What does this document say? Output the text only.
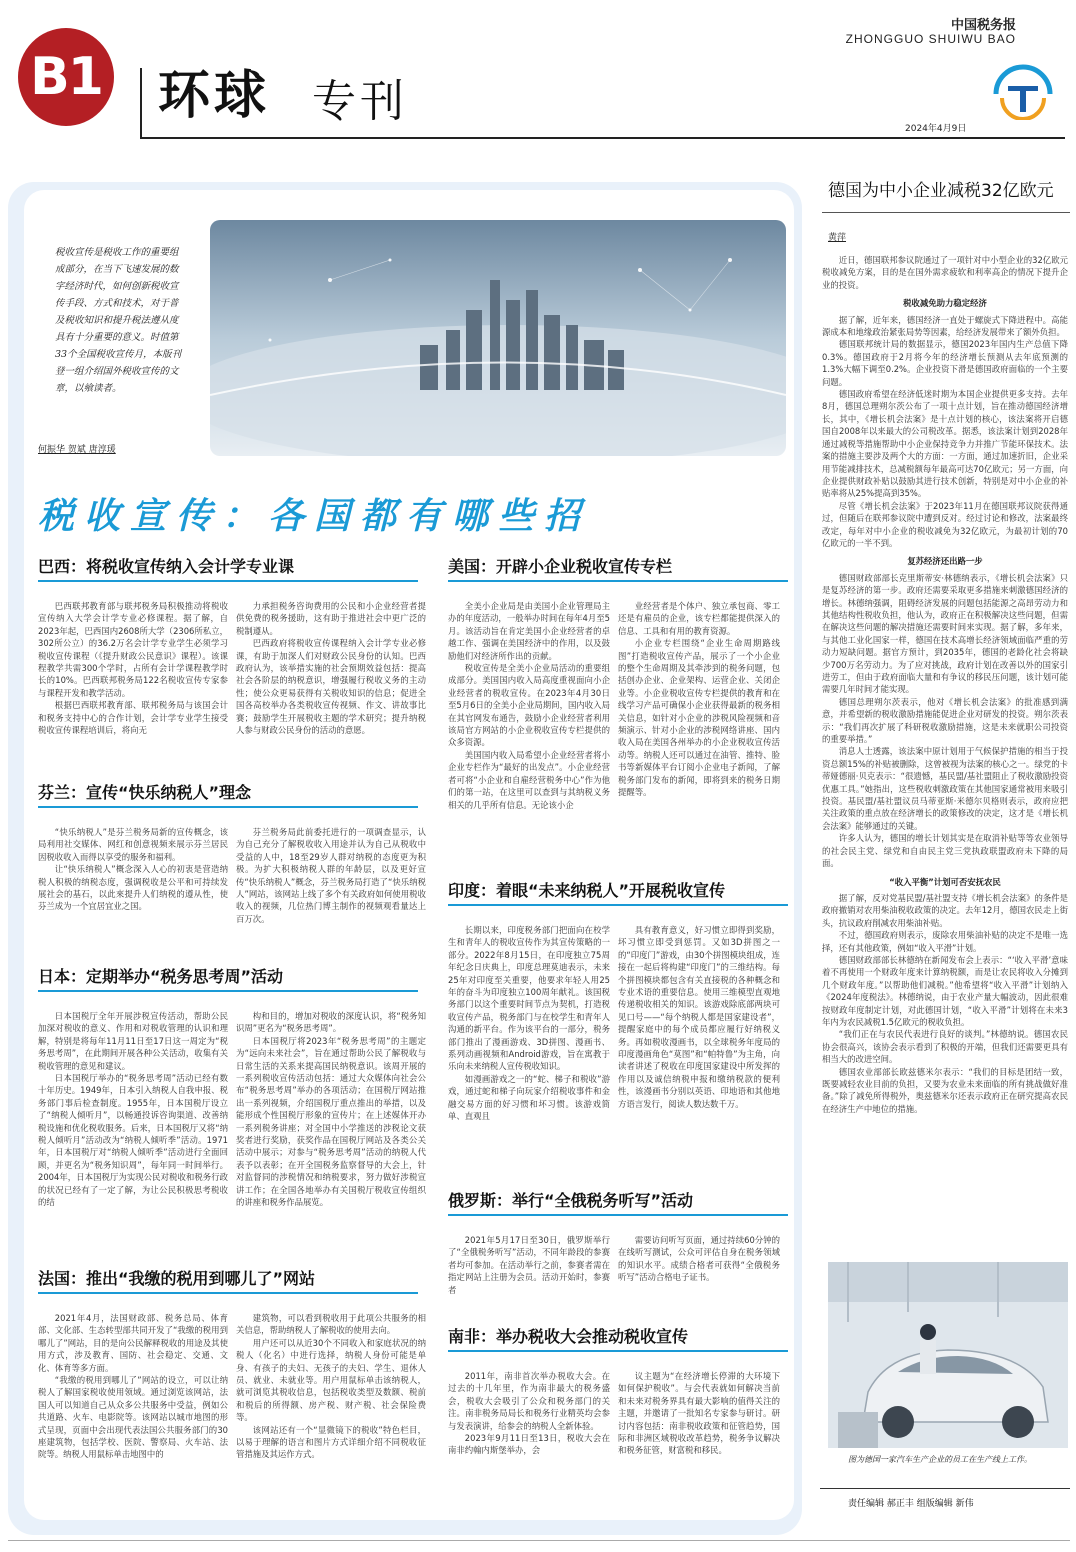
B1 环球 专刊
中国税务报
ZHONGGUO SHUIWU BAO
2024年4月9日
税收宣传是税收工作的重要组成部分，在当下飞速发展的数字经济时代，如何创新税收宣传手段、方式和技术，对于普及税收知识和提升税法遵从度具有十分重要的意义。时值第33个全国税收宣传月，本版刊登一组介绍国外税收宣传的文章，以飨读者。
何振华 贺斌 唐淳瑗
税收宣传：各国都有哪些招
巴西：将税收宣传纳入会计学专业课

巴西联邦教育部与联邦税务局积极推动将税收宣传纳入大学会计学专业必修课程。据了解，自2023年起，巴西国内2608所大学（2306所私立，302所公立）的36.2万名会计学专业学生必须学习税收宣传课程（《提升财政公民意识》课程）。该课程教学共需300个学时，占所有会计学课程教学时长的10%。巴西联邦税务局122名税收宣传专家参与课程开发和教学活动。

根据巴西联邦教育部、联邦税务局与该国会计和税务支持中心的合作计划，会计学专业学生接受税收宣传课程培训后，将向无

力承担税务咨询费用的公民和小企业经营者提供免费的税务援助，这有助于推进社会中更广泛的税制遵从。

巴西政府将税收宣传课程纳入会计学专业必修课，有助于加深人们对财政公民身份的认知。巴西政府认为，该举措实施的社会预期效益包括：提高社会各阶层的纳税意识，增强履行税收义务的主动性；使公众更易获得有关税收知识的信息；促进全国各高校举办各类税收宣传视频、作文、讲故事比赛；鼓励学生开展税收主题的学术研究；提升纳税人参与财政公民身份的活动的意愿。

芬兰：宣传“快乐纳税人”理念

“快乐纳税人”是芬兰税务局新的宣传概念，该局利用社交媒体、网红和创意视频来展示芬兰居民因税收收入而得以享受的服务和福利。

让“快乐纳税人”概念深入人心的初衷是营造纳税人积极的纳税态度，强调税收是公平和可持续发展社会的基石，以此來提升人们纳税的遵从性，使芬兰成为一个宜居宜业之国。

芬兰税务局此前委托进行的一项调查显示，认为自己充分了解税收收入用途并认为自己从税收中受益的人中，18至29岁人群对纳税的态度更为积极。为扩大积极纳税人群的年龄层，以及更好宣传“快乐纳税人”概念，芬兰税务局打造了“快乐纳税人”网站，该网站上线了多个有关政府如何使用税收收入的视频，几位热门博主制作的视频观看量达上百万次。

日本：定期举办“税务思考周”活动

日本国税厅全年开展涉税宣传活动，帮助公民加深对税收的意义、作用和对税收管理的认识和理解，特别是将每年11月11日至17日这一周定为“税务思考周”，在此期间开展各种公关活动，收集有关税收管理的意见和建议。

日本国税厅举办的“税务思考周”活动已经有数十年历史。1949年，日本引入纳税人自我申报、税务部门事后检查制度。1955年，日本国税厅设立了“纳税人倾听月”，以畅通投诉咨询渠道、改善纳税设施和优化税收服务。后来，日本国税厅又将“纳税人倾听月”活动改为“纳税人倾听季”活动。1971年，日本国税厅对“纳税人倾听季”活动进行全面回顾，并更名为“税务知识周”，每年同一时间举行。2004年，日本国税厅为实现公民对税收和税务行政的状况已经有了一定了解，为让公民积极思考税收的结

构和目的，增加对税收的深度认识，将“税务知识周”更名为“税务思考周”。

日本国税厅将2023年“税务思考周”的主题定为“远向未来社会”，旨在通过帮助公民了解税收与日常生活的关系来提高国民纳税意识。该周开展的一系列税收宣传活动包括：通过大众媒体向社会公布“税务思考周”举办的各项活动；在国税厅网站推出一系列视频，介绍国税厅重点推出的举措，以及能形成个性国税厅形象的宣传片；在上述媒体开办一系列税务讲座；对全国中小学推送的涉税论文获奖者进行奖励，获奖作品在国税厅网站及各类公关活动中展示；对参与“税务思考周”活动的纳税人代表予以表彰；在开全国税务监察督导的大会上，针对监督同的涉税情况和纳税要求，努力做好涉税宣讲工作；在全国各地举办有关国税厅税收宣传组织的讲座和税务作品展览。

法国：推出“我缴的税用到哪儿了”网站

2021年4月，法国财政部、税务总局、体育部、文化部、生态转型部共同开发了“我缴的税用到哪儿了”网站，目的是向公民解释税收的用途及其使用方式，涉及教育、国防、社会稳定、交通、文化、体育等多方面。

“我缴的税用到哪儿了”网站的设立，可以让纳税人了解国家税收使用领域。通过浏览该网站，法国人可以知道自己从众多公共服务中受益，例如公共道路、火车、电影院等。该网站以城市地图的形式呈现，页面中会出现代表法国公共服务部门的30座建筑物，包括学校、医院、警察局、火车站、法院等。纳税人用鼠标单击地图中的

建筑物，可以看到税收用于此项公共服务的相关信息，帮助纳税人了解税收的使用去向。

用户还可以从近30个不同收入和家庭状况的纳税人（化名）中进行选择，纳税人身份可能是单身、有孩子的夫妇、无孩子的夫妇、学生、退休人员、就业、未就业等。用户用鼠标单击该纳税人，就可浏览其税收信息，包括税收类型及数额、税前和税后的所得额、房产税、财产税、社会保险费等。

该网站还有一个“显微镜下的税收”特色栏目，以易于理解的语言和图片方式详细介绍不同税收征管措施及其运作方式。

美国：开辟小企业税收宣传专栏

全美小企业局是由美国小企业管理局主办的年度活动，一般举办时间在每年4月至5月。该活动旨在肯定美国小企业经营者的卓越工作、强调在美国经济中的作用，以及鼓励他们对经济所作出的贡献。

税收宣传是全美小企业局活动的重要组成部分。美国国内收入局高度重视面向小企业经营者的税收宣传。在2023年4月30日至5月6日的全美小企业局期间，国内收入局在其官网发布通告，鼓励小企业经营者利用该局官方网站的小企业税收宣传专栏提供的众多资源。

美国国内收入局希望小企业经营者将小企业专栏作为“最好的出发点”。小企业经营者可将“小企业和自雇经营税务中心”作为他们的第一站，在这里可以查到与其纳税义务相关的几乎所有信息。无论该小企

业经营者是个体户、独立承包商、零工还是有雇员的企业，该专栏都能提供深入的信息、工具和有用的教育资源。

小企业专栏围绕“企业生命周期路线图”打造税收宣传产品，展示了一个小企业的整个生命周期及其牵涉到的税务问题，包括创办企业、企业架构、运营企业、关闭企业等。小企业税收宣传专栏提供的教育和在线学习产品可确保小企业获得最新的税务相关信息，如针对小企业的涉税风险视频和音频演示、针对小企业的涉税网络讲座、国内收入局在美国各州举办的小企业税收宣传活动等。纳税人还可以通过在油管、推特、脸书等新媒体平台订阅小企业电子新闻，了解税务部门发布的新闻，即将到来的税务日期提醒等。

印度：着眼“未来纳税人”开展税收宣传

长期以来，印度税务部门把面向在校学生和青年人的税收宣传作为其宣传策略的一部分。2022年8月15日，在印度独立75周年纪念日庆典上，印度总理莫迪表示，未来25年对印度至关重要，他要求年轻人用25年的奋斗为印度独立100周年献礼。该国税务部门以这个重要时间节点为契机，打造税收宣传产品，税务部门与在校学生和青年人沟通的新平台。作为该平台的一部分，税务部门推出了漫画游戏、3D拼图、漫画书、系列动画视频和Android游戏，旨在寓教于乐向未来纳税人宣传税收知识。

如漫画游戏之一的“蛇、梯子和税收”游戏，通过蛇和梯子向玩家介绍税收事件和金融交易方面的好习惯和坏习惯。该游戏简单、直观且

具有教育意义，好习惯立即得到奖励，坏习惯立即受到惩罚。又如3D拼图之一的“印度门”游戏，由30个拼图模块组成，连接在一起后将构建“印度门”的三维结构。每个拼图模块都包含有关直接税的各种概念和专业术语的重要信息。使用三维模型直观地传递税收相关的知识。该游戏除底部两块可见口号——“每个纳税人都是国家建设者”，提醒家庭中的每个成员都应履行好纳税义务。再如税收漫画书，以全球税务年度局的印度漫画角色“莫图”和“帕特鲁”为主角，向读者讲述了税收在印度国家建设中所发挥的作用以及诚信纳税申报和缴纳税款的便利性，该漫画书分别以英语、印地语和其他地方语言发行，阅读人数达数千万。

俄罗斯：举行“全俄税务听写”活动

2021年5月17日至30日，俄罗斯举行了“全俄税务听写”活动，不同年龄段的参赛者均可参加。在活动举行之前，参赛者需在指定网站上注册为会员。活动开始时，参赛者

需要访问听写页面，通过持续60分钟的在线听写测试，公众可评估自身在税务领域的知识水平。成绩合格者可获得“全俄税务听写”活动合格电子证书。

南非：举办税收大会推动税收宣传

2011年，南非首次举办税收大会。在过去的十几年里，作为南非最大的税务盛会，税收大会吸引了公众和税务部门的关注。南非税务局局长和税务行业精英均会参与发表演讲，给参会的纳税人全新体验。

2023年9月11日至13日，税收大会在南非约翰内斯堡举办，会

议主题为“在经济增长停滞的大环境下如何保护税收”。与会代表就如何解决当前和未来对税务界具有最大影响的值得关注的主题，并邀请了一批知名专家参与研讨。研讨内容包括：南非税收政策和征管趋势，国际和非洲区域税收改革趋势，税务争议解决和税务征管，财富税和移民。

德国为中小企业减税32亿欧元
黄萍

近日，德国联邦参议院通过了一项针对中小型企业的32亿欧元税收减免方案，目的是在国外需求疲软和利率高企的情况下提升企业的投资。

税收减免助力稳定经济

据了解，近年来，德国经济一直处于螺旋式下降进程中。高能源成本和地缘政治紧张局势等因素，给经济发展带来了额外负担。

德国联邦统计局的数据显示，德国2023年国内生产总值下降0.3%。德国政府于2月将今年的经济增长预测从去年底预测的1.3%大幅下调至0.2%。企业投资下滑是德国政府面临的一个主要问题。

德国政府希望在经济低迷时期为本国企业提供更多支持。去年8月，德国总理朔尔茨公布了一项十点计划，旨在推动德国经济增长，其中，《增长机会法案》是十点计划的核心，该法案将开启德国自2008年以来最大的公司税改革。据悉，该法案计划到2028年通过减税等措施帮助中小企业保持竞争力并推广节能环保技术。法案的措施主要涉及两个大的方面：一方面，通过加速折旧，企业采用节能减排技术，总减税额每年最高可达70亿欧元；另一方面，向企业提供财政补贴以鼓励其进行技术创新，特别是对中小企业的补贴率将从25%提高到35%。

尽管《增长机会法案》于2023年11月在德国联邦议院获得通过，但随后在联邦参议院中遭到反对。经过讨论和修改，法案最终改定，每年对中小企业的税收减免为32亿欧元，为最初计划的70亿欧元的一半不到。

复苏经济还出路一步

德国财政部部长克里斯蒂安·林德纳表示，《增长机会法案》只是复苏经济的第一步。政府还需要采取更多措施来刺激德国经济的增长。林德纳强调，阻碍经济发展的问题包括能源之高昂劳动力和其他结构性税收负担，他认为，政府正在积极解决这些问题，但需在解决这些问题的解决措施还需要时间来实现。据了解，多年来，与其他工业化国家一样，德国在技术高增长经济领域面临严重的劳动力短缺问题。据官方预计，到2035年，德国的老龄化社会将缺少700万名劳动力。为了应对挑战，政府计划在改善以外的国家引进劳工，但由于政府面临大量和有争议的移民压问题，该计划可能需要几年时间才能实现。

德国总理朔尔茨表示，他对《增长机会法案》的批准感到满意，并希望新的税收激励措施能促进企业对研发的投资。朔尔茨表示：“我们再次扩展了科研税收激励措施，这是未来就职公司投资的重要举措。”

消息人士透露，该法案中原计划用于气候保护措施的相当于投资总额15%的补贴被删除，这曾被视为法案的核心之一。绿党的卡蒂娅德丽·贝克表示：“很遗憾，基民盟/基社盟阻止了税收激励投资优惠工具。”她指出，这些税收刺激政策在其他国家通常被用来吸引投资。基民盟/基社盟议员马蒂亚斯·米德尔贝格则表示，政府应把关注政策的重点放在经济增长的政策修改的决定，这才是《增长机会法案》能够通过的关键。

许多人认为，德国的增长计划其实是在取消补贴等等农业领导的社会民主党、绿党和自由民主党三党执政联盟政府未下降的局面。

“收入平衡”计划可否安抚农民

据了解，反对党基民盟/基社盟支持《增长机会法案》的条件是政府撤销对农用柴油税收政策的决定。去年12月，德国农民走上街头，抗议政府削减农用柴油补贴。

不过，德国政府则表示，废除农用柴油补贴的决定不是唯一选择，还有其他政策，例如“收入平滑”计划。

德国财政部部长林德纳在新闻发布会上表示：“‘收入平滑’意味着不再使用一个财政年度来计算纳税额，而是让农民将收入分摊到几个财政年度。”以帮助他们减税。”他希望将“收入平滑”计划纳入《2024年度税法》。林德纳说，由于农业产量大幅波动，因此很难按财政年度制定计划，对此德国计划，“收入平滑”计划将在未来3年内为农民减税1.5亿欧元的税收负担。

“我们正在与农民代表进行良好的谈判。”林德纳说。德国农民协会很高兴，该协会表示看到了积极的开端，但我们还需要更具有相当大的改进空间。

德国农业部部长欧兹德米尔表示：“我们的目标是团结一致，既要减轻农业目前的负担，又要为农业未来面临的所有挑战做好准备。”除了减免所得税外，奥兹德米尔还表示政府正在研究提高农民在经济生产中地位的措施。

图为德国一家汽车生产企业的员工在生产线上工作。
责任编辑 郝正丰 组版编辑 新伟
